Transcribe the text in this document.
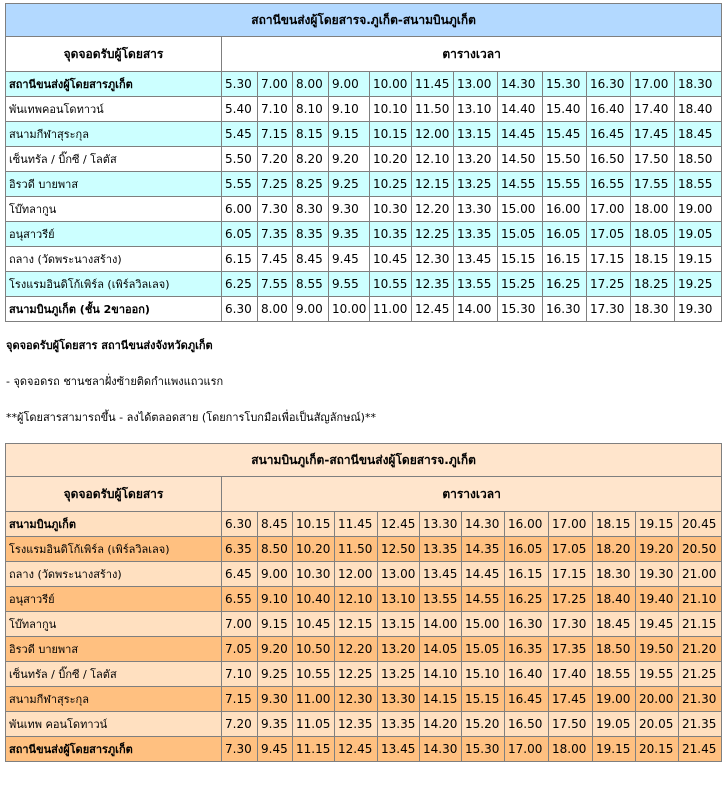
สถานีขนส่งผู้โดยสารจ.ภูเก็ต-สนามบินภูเก็ต												
จุดจอดรับผู้โดยสาร	ตารางเวลา											
สถานีขนส่งผู้โดยสารภูเก็ต	5.30	7.00	8.00	9.00	10.00	11.45	13.00	14.30	15.30	16.30	17.00	18.30
พันเทพคอนโดทาวน์	5.40	7.10	8.10	9.10	10.10	11.50	13.10	14.40	15.40	16.40	17.40	18.40
สนามกีฬาสุระกุล	5.45	7.15	8.15	9.15	10.15	12.00	13.15	14.45	15.45	16.45	17.45	18.45
เซ็นทรัล / บิ๊กซี / โลตัส	5.50	7.20	8.20	9.20	10.20	12.10	13.20	14.50	15.50	16.50	17.50	18.50
อิรวดี บายพาส	5.55	7.25	8.25	9.25	10.25	12.15	13.25	14.55	15.55	16.55	17.55	18.55
โบ๊ทลากูน	6.00	7.30	8.30	9.30	10.30	12.20	13.30	15.00	16.00	17.00	18.00	19.00
อนุสาวรีย์	6.05	7.35	8.35	9.35	10.35	12.25	13.35	15.05	16.05	17.05	18.05	19.05
ถลาง (วัดพระนางสร้าง)	6.15	7.45	8.45	9.45	10.45	12.30	13.45	15.15	16.15	17.15	18.15	19.15
โรงแรมอินดิโก้เพิร์ล (เพิร์ลวิลเลจ)	6.25	7.55	8.55	9.55	10.55	12.35	13.55	15.25	16.25	17.25	18.25	19.25
สนามบินภูเก็ต (ชั้น 2ขาออก)	6.30	8.00	9.00	10.00	11.00	12.45	14.00	15.30	16.30	17.30	18.30	19.30

จุดจอดรับผู้โดยสาร สถานีขนส่งจังหวัดภูเก็ต

- จุดจอดรถ ชานชลาฝั่งซ้ายติดกำแพงแถวแรก

**ผู้โดยสารสามารถขึ้น - ลงได้ตลอดสาย (โดยการโบกมือเพื่อเป็นสัญลักษณ์)**

สนามบินภูเก็ต-สถานีขนส่งผู้โดยสารจ.ภูเก็ต												
จุดจอดรับผู้โดยสาร	ตารางเวลา											
สนามบินภูเก็ต	6.30	8.45	10.15	11.45	12.45	13.30	14.30	16.00	17.00	18.15	19.15	20.45
โรงแรมอินดิโก้เพิร์ล (เพิร์ลวิลเลจ)	6.35	8.50	10.20	11.50	12.50	13.35	14.35	16.05	17.05	18.20	19.20	20.50
ถลาง (วัดพระนางสร้าง)	6.45	9.00	10.30	12.00	13.00	13.45	14.45	16.15	17.15	18.30	19.30	21.00
อนุสาวรีย์	6.55	9.10	10.40	12.10	13.10	13.55	14.55	16.25	17.25	18.40	19.40	21.10
โบ๊ทลากูน	7.00	9.15	10.45	12.15	13.15	14.00	15.00	16.30	17.30	18.45	19.45	21.15
อิรวดี บายพาส	7.05	9.20	10.50	12.20	13.20	14.05	15.05	16.35	17.35	18.50	19.50	21.20
เซ็นทรัล / บิ๊กซี / โลตัส	7.10	9.25	10.55	12.25	13.25	14.10	15.10	16.40	17.40	18.55	19.55	21.25
สนามกีฬาสุระกุล	7.15	9.30	11.00	12.30	13.30	14.15	15.15	16.45	17.45	19.00	20.00	21.30
พันเทพ คอนโดทาวน์	7.20	9.35	11.05	12.35	13.35	14.20	15.20	16.50	17.50	19.05	20.05	21.35
สถานีขนส่งผู้โดยสารภูเก็ต	7.30	9.45	11.15	12.45	13.45	14.30	15.30	17.00	18.00	19.15	20.15	21.45
